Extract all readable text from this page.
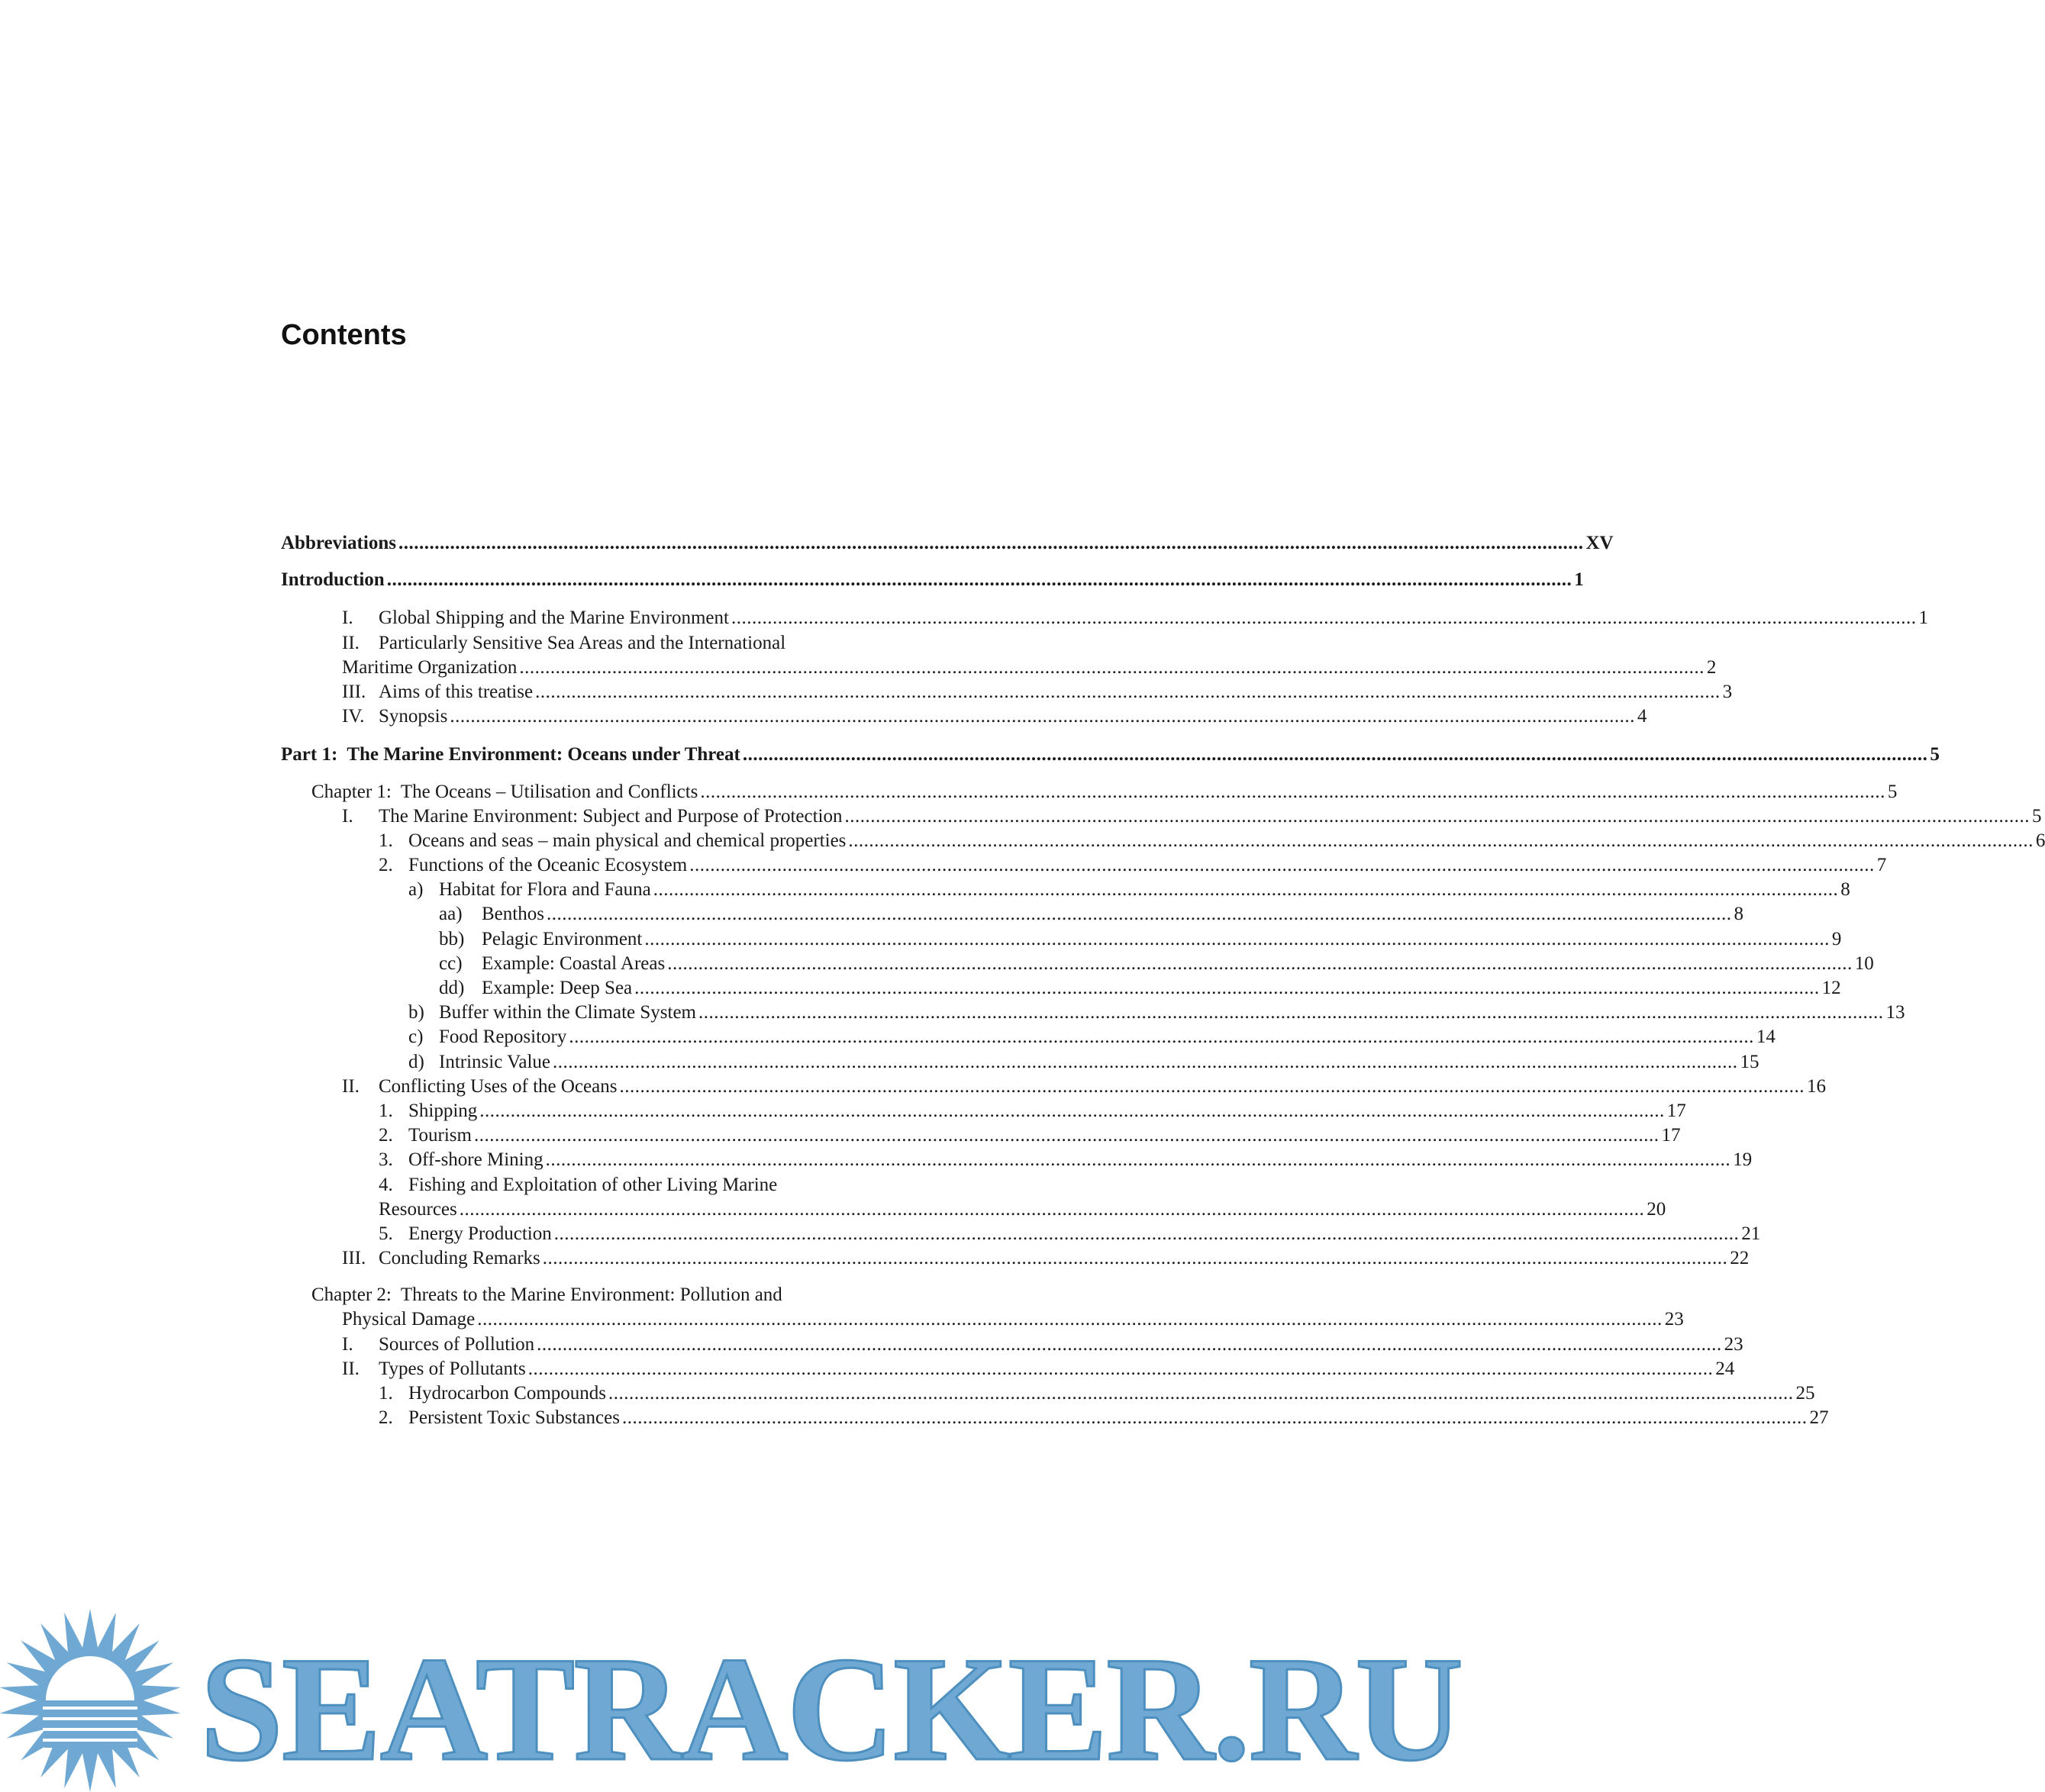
Contents
Abbreviations .....	XV
Introduction .....	1
I.	Global Shipping and the Marine Environment .....	1
II.	Particularly Sensitive Sea Areas and the International
Maritime Organization .....	2
III. Aims of this treatise .....	3
IV. Synopsis .....	4
Part 1:  The Marine Environment: Oceans under Threat .....	5
Chapter 1:  The Oceans – Utilisation and Conflicts .....	5
I.	The Marine Environment: Subject and Purpose of Protection .....	5
1. Oceans and seas – main physical and chemical properties .....	6
2. Functions of the Oceanic Ecosystem .....	7
a) Habitat for Flora and Fauna .....	8
aa)	Benthos .....	8
bb) Pelagic Environment .....	9
cc)	Example: Coastal Areas .....	10
dd) Example: Deep Sea .....	12
b) Buffer within the Climate System .....	13
c) Food Repository .....	14
d) Intrinsic Value .....	15
II.	Conflicting Uses of the Oceans .....	16
1. Shipping .....	17
2. Tourism .....	17
3. Off-shore Mining .....	19
4. Fishing and Exploitation of other Living Marine
Resources .....	20
5. Energy Production .....	21
III. Concluding Remarks .....	22
Chapter 2:  Threats to the Marine Environment: Pollution and
Physical Damage .....	23
I.	Sources of Pollution .....	23
II.	Types of Pollutants .....	24
1. Hydrocarbon Compounds .....	25
2. Persistent Toxic Substances .....	27
SEATRACKER.RU
